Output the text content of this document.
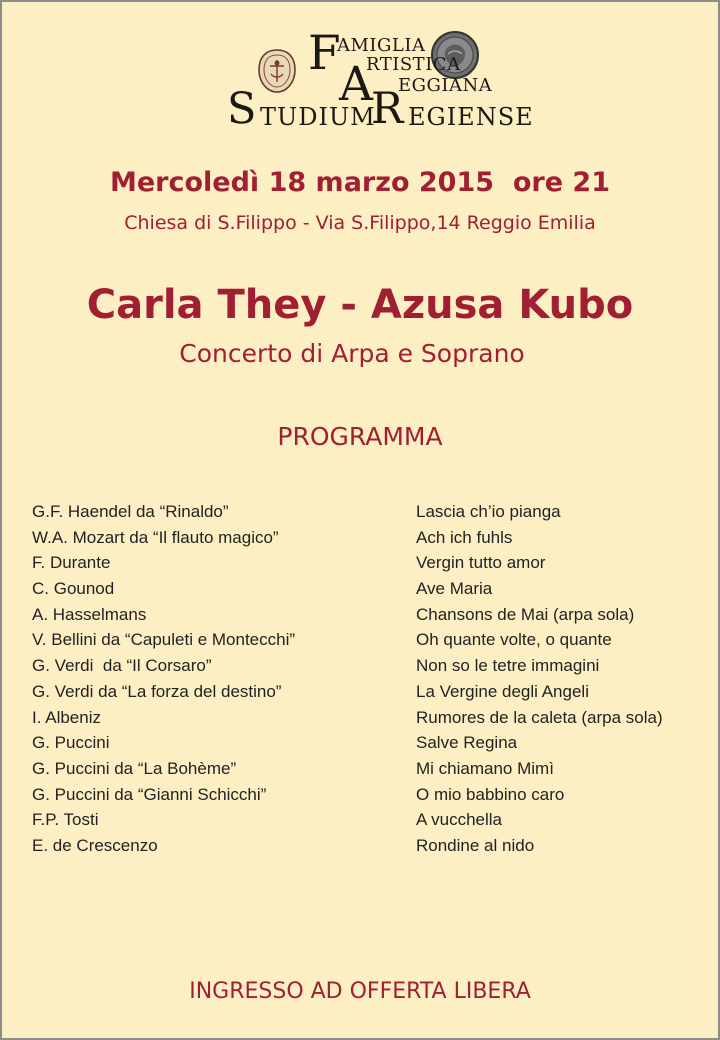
F
AMIGLIA
A
RTISTICA
EGGIANA
S TUDIUM
R EGIENSE
Mercoledì 18 marzo 2015  ore 21
Chiesa di S.Filippo - Via S.Filippo,14 Reggio Emilia
Carla They - Azusa Kubo
Concerto di Arpa e Soprano
PROGRAMMA
G.F. Haendel da “Rinaldo”	Lascia ch’io pianga
W.A. Mozart da “Il flauto magico”	Ach ich fuhls
F. Durante	Vergin tutto amor
C. Gounod	Ave Maria
A. Hasselmans	Chansons de Mai (arpa sola)
V. Bellini da “Capuleti e Montecchi”	Oh quante volte, o quante
G. Verdi  da “Il Corsaro”	Non so le tetre immagini
G. Verdi da “La forza del destino”	La Vergine degli Angeli
I. Albeniz	Rumores de la caleta (arpa sola)
G. Puccini	Salve Regina
G. Puccini da “La Bohème”	Mi chiamano Mimì
G. Puccini da “Gianni Schicchi”	O mio babbino caro
F.P. Tosti	A vucchella
E. de Crescenzo	Rondine al nido
INGRESSO AD OFFERTA LIBERA
